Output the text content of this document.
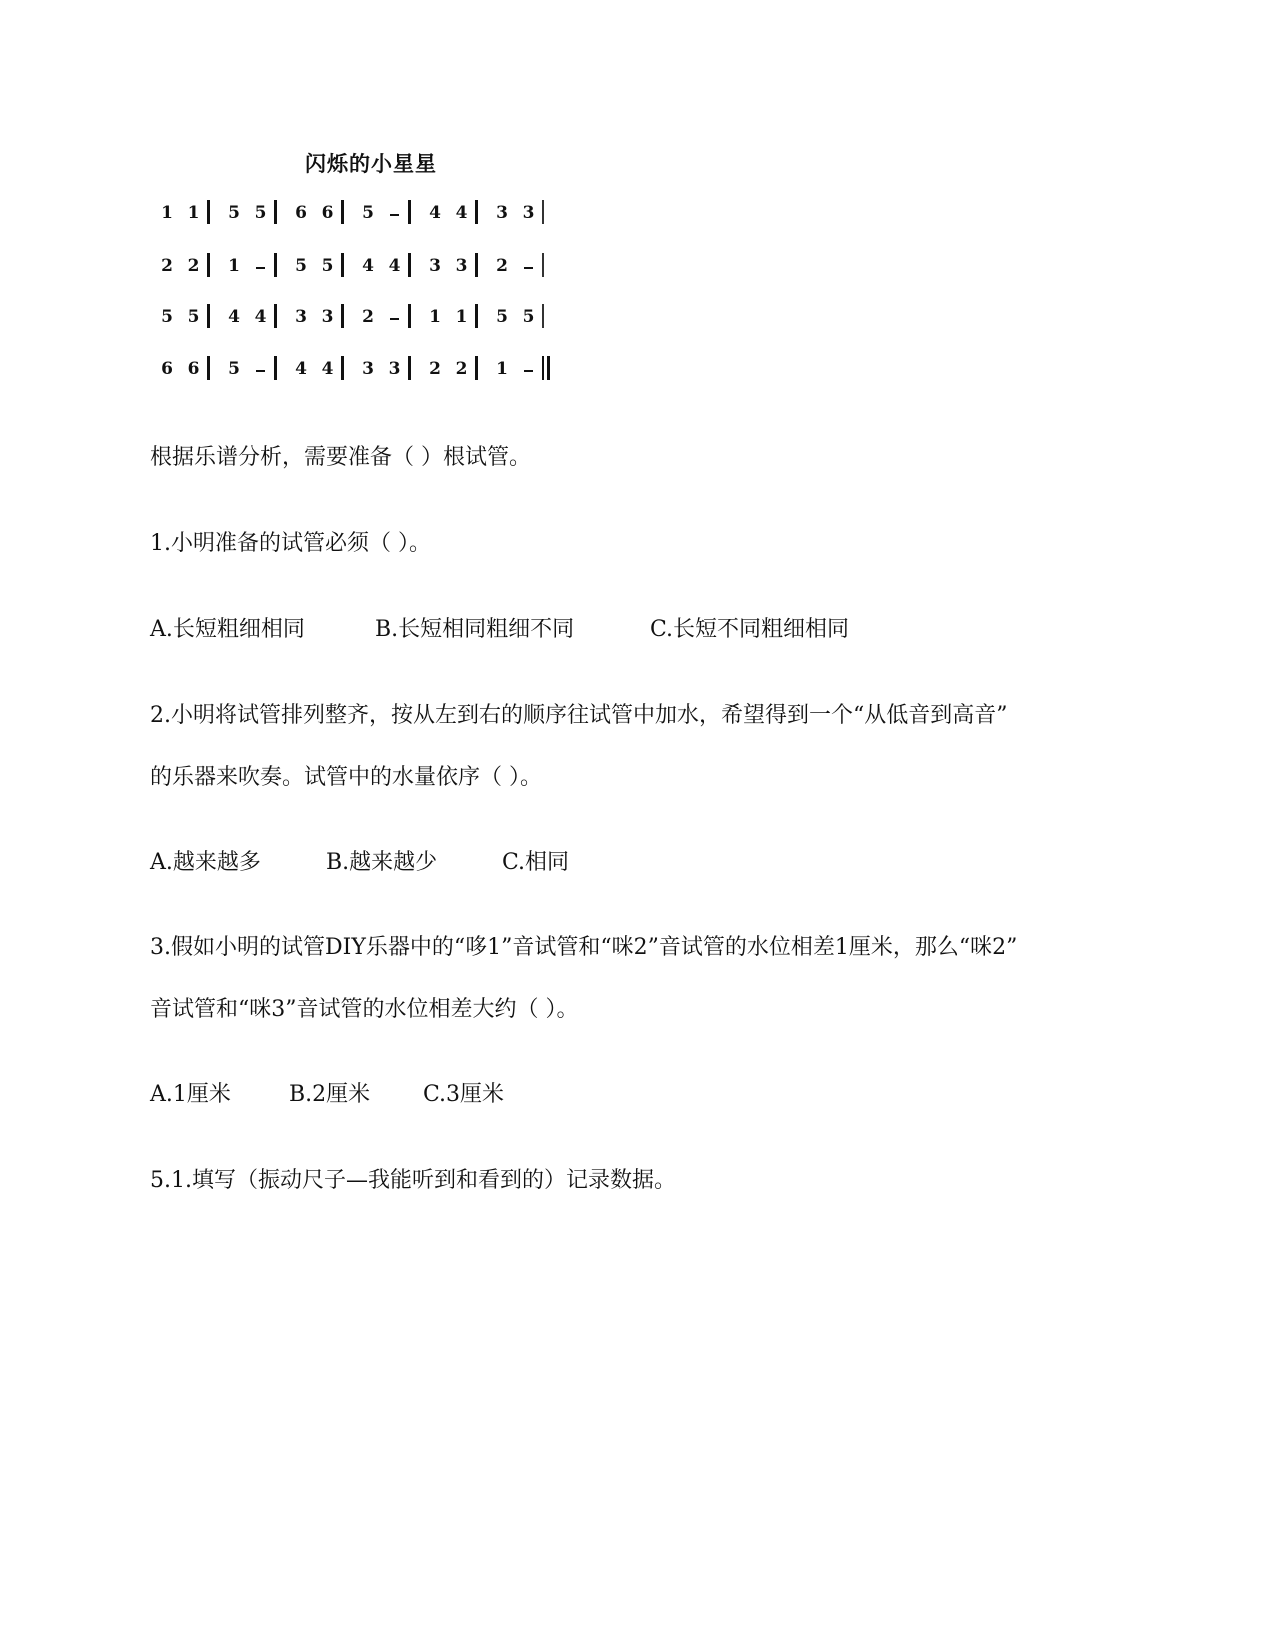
闪烁的小星星
1 1 5 5 6 6 5	4 4 3 3
2 2 1	5 5 4 4 3 3 2
5 5 4 4 3 3 2	1 1 5 5
6 6 5	4 4 3 3 2 2 1
根据乐谱分析，需要准备（ ）根试管。
1.小明准备的试管必须（ ）。
A.长短粗细相同	B.长短相同粗细不同	C.长短不同粗细相同
2.小明将试管排列整齐，按从左到右的顺序往试管中加水，希望得到一个“从低音到高音”
的乐器来吹奏。试管中的水量依序（ ）。
A.越来越多	B.越来越少	C.相同
3.假如小明的试管DIY乐器中的“哆1”音试管和“咪2”音试管的水位相差1厘米，那么“咪2”
音试管和“咪3”音试管的水位相差大约（ ）。
A.1厘米	B.2厘米 C.3厘米
5.1.填写（振动尺子—我能听到和看到的）记录数据。
